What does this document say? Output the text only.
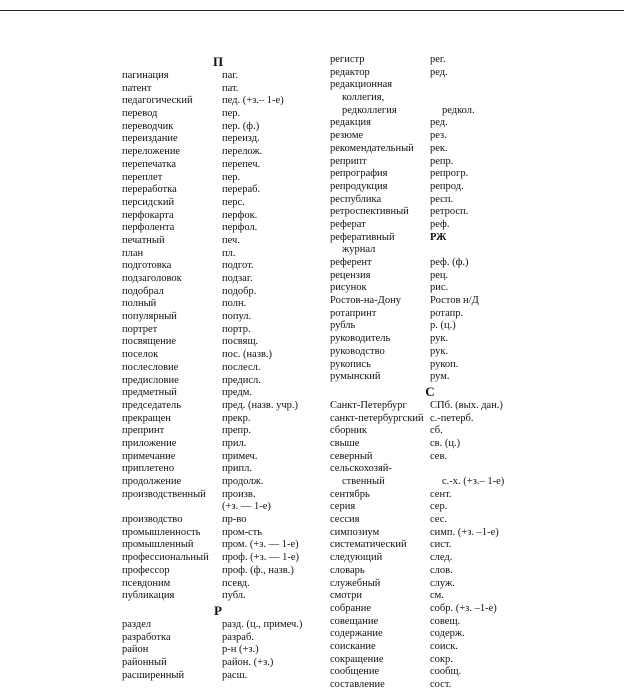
П
пагинация	паг.
патент	пат.
педагогический	пед. (+з.– 1-е)
перевод	пер.
переводчик	пер. (ф.)
переиздание	переизд.
переложение	перелож.
перепечатка	перепеч.
переплет	пер.
переработка	перераб.
персидский	перс.
перфокарта	перфок.
перфолента	перфол.
печатный	печ.
план	пл.
подготовка	подгот.
подзаголовок	подзаг.
подобрал	подобр.
полный	полн.
популярный	попул.
портрет	портр.
посвящение	посвящ.
поселок	пос. (назв.)
послесловие	послесл.
предисловие	предисл.
предметный	предм.
председатель	пред. (назв. учр.)
прекращен	прекр.
препринт	препр.
приложение	прил.
примечание	примеч.
приплетено	припл.
продолжение	продолж.
производственный	произв.
(+з. — 1-е)
производство	пр-во
промышленность	пром-сть
промышленный	пром. (+з. — 1-е)
профессиональный	проф. (+з. — 1-е)
профессор	проф. (ф., назв.)
псевдоним	псевд.
публикация	публ.
Р
раздел	разд. (ц., примеч.)
разработка	разраб.
район	р-н (+з.)
районный	район. (+з.)
расширенный	расш.
регистр	рег.
редактор	ред.
редакционная
коллегия,
редколлегия	редкол.
редакция	ред.
резюме	рез.
рекомендательный	рек.
реприпт	репр.
репрография	репрогр.
репродукция	репрод.
республика	респ.
ретроспективный	ретросп.
реферат	реф.
реферативный	РЖ
журнал
референт	реф. (ф.)
рецензия	рец.
рисунок	рис.
Ростов-на-Дону	Ростов н/Д
ротапринт	ротапр.
рубль	р. (ц.)
руководитель	рук.
руководство	рук.
рукопись	рукоп.
румынский	рум.
С
Санкт-Петербург	СПб. (вых. дан.)
санкт-петербургский с.-петерб.
сборник	сб.
свыше	св. (ц.)
северный	сев.
сельскохозяй-
ственный	с.-х. (+з.– 1-е)
сентябрь	сент.
серия	сер.
сессия	сес.
симпозиум	симп. (+з. –1-е)
систематический	сист.
следующий	след.
словарь	слов.
служебный	служ.
смотри	см.
собрание	собр. (+з. –1-е)
совещание	совещ.
содержание	содерж.
соискание	соиск.
сокращение	сокр.
сообщение	сообщ.
составление	сост.
